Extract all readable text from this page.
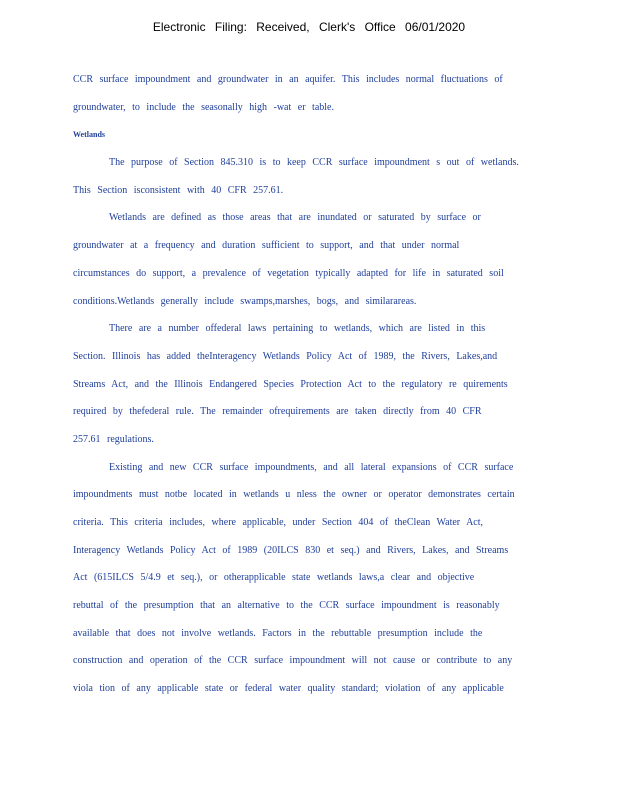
Electronic Filing: Received, Clerk's Office 06/01/2020
CCR surface impoundment and groundwater in an aquifer. This includes normal fluctuations of
groundwater, to include the seasonally high -wat er table.
Wetlands
The purpose of Section 845.310 is to keep CCR surface impoundment s out of wetlands.
This Section isconsistent with 40 CFR 257.61.
Wetlands are defined as those areas that are inundated or saturated by surface or
groundwater at a frequency and duration sufficient to support, and that under normal
circumstances do support, a prevalence of vegetation typically adapted for life in saturated soil
conditions.Wetlands generally include swamps,marshes, bogs, and similarareas.
There are a number offederal laws pertaining to wetlands, which are listed in this
Section. Illinois has added theInteragency Wetlands Policy Act of 1989, the Rivers, Lakes,and
Streams Act, and the Illinois Endangered Species Protection Act to the regulatory re quirements
required by thefederal rule. The remainder ofrequirements are taken directly from 40 CFR
257.61 regulations.
Existing and new CCR surface impoundments, and all lateral expansions of CCR surface
impoundments must notbe located in wetlands u nless the owner or operator demonstrates certain
criteria. This criteria includes, where applicable, under Section 404 of theClean Water Act,
Interagency Wetlands Policy Act of 1989 (20ILCS 830 et seq.) and Rivers, Lakes, and Streams
Act (615ILCS 5/4.9 et seq.), or otherapplicable state wetlands laws,a clear and objective
rebuttal of the presumption that an alternative to the CCR surface impoundment is reasonably
available that does not involve wetlands. Factors in the rebuttable presumption include the
construction and operation of the CCR surface impoundment will not cause or contribute to any
viola tion of any applicable state or federal water quality standard; violation of any applicable
